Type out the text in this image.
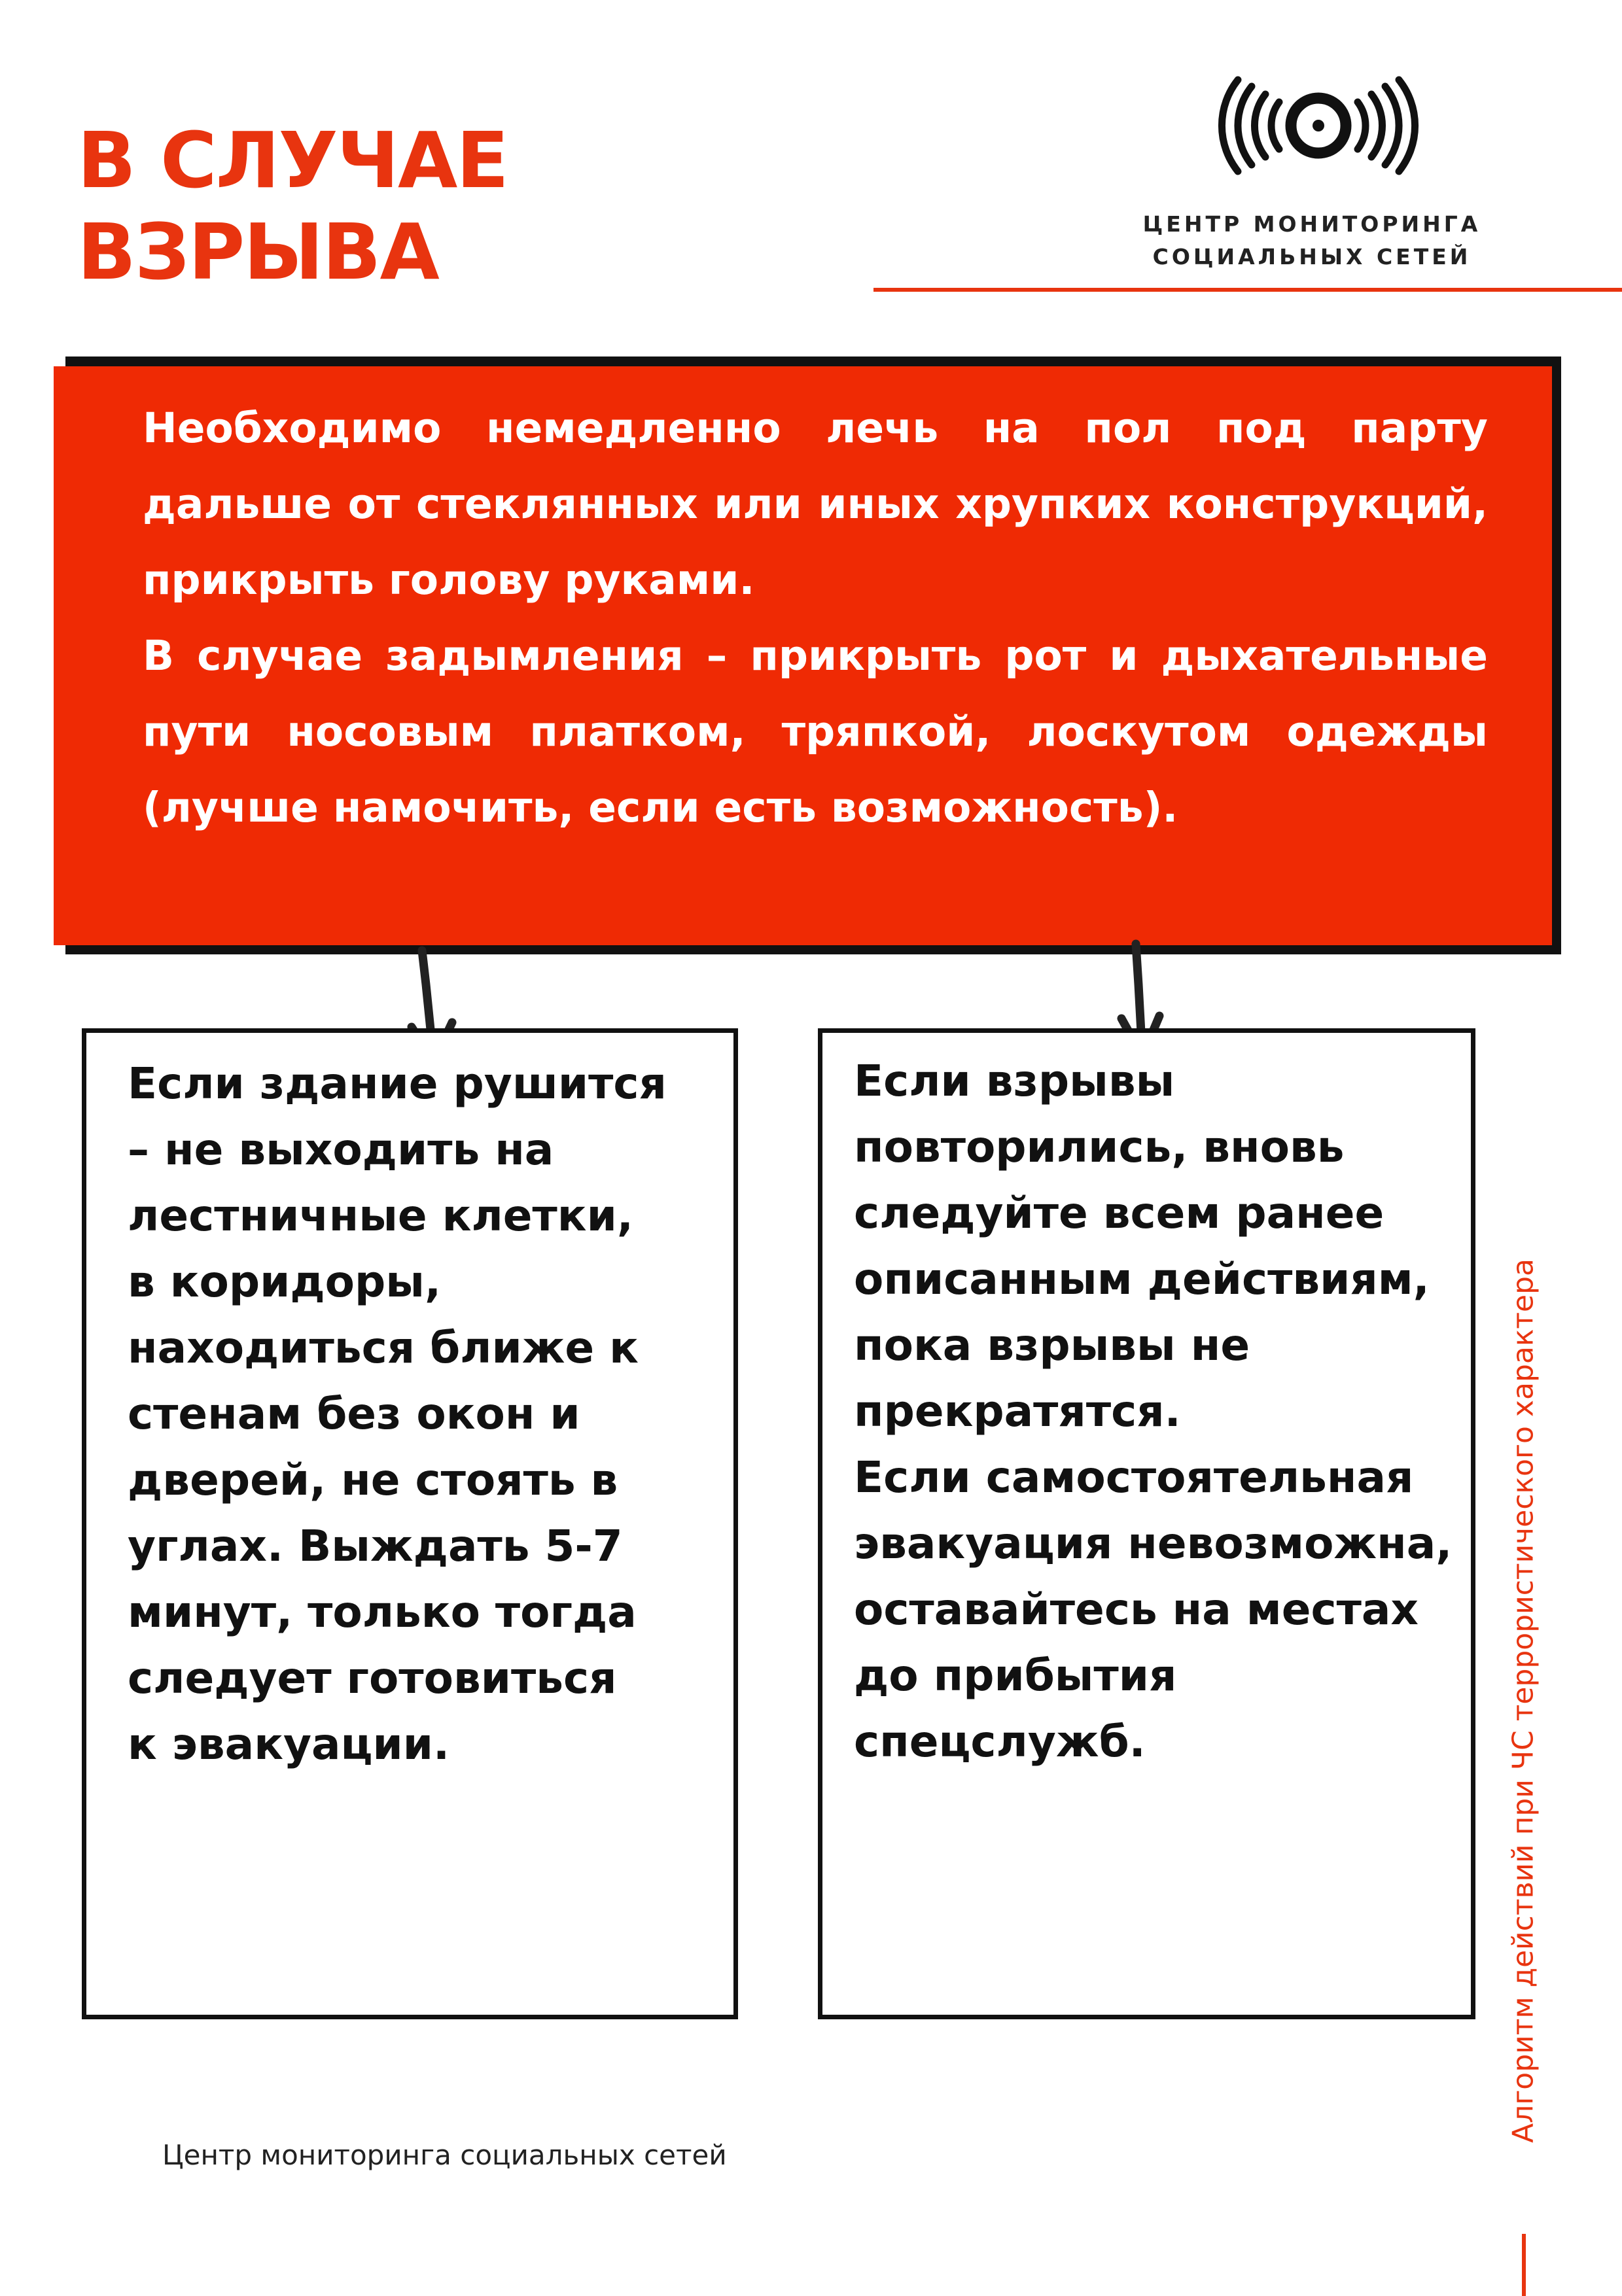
В СЛУЧАЕ
ВЗРЫВА	ЦЕНТР МОНИТОРИНГА
СОЦИАЛЬНЫХ СЕТЕЙ

Необходимо немедленно лечь на пол под парту дальше от стеклянных или иных хрупких конструкций, прикрыть голову руками.

В случае задымления – прикрыть рот и дыхательные пути носовым платком, тряпкой, лоскутом одежды (лучше намочить, если есть возможность).

Если здание рушится
– не выходить на
лестничные клетки,
в коридоры,
находиться ближе к
стенам без окон и
дверей, не стоять в
углах. Выждать 5-7
минут, только тогда
следует готовиться
к эвакуации.

Если взрывы
повторились, вновь
следуйте всем ранее
описанным действиям,
пока взрывы не
прекратятся.
Если самостоятельная
эвакуация невозможна,
оставайтесь на местах
до прибытия
спецслужб.

Центр мониторинга социальных сетей

Алгоритм действий при ЧС террористического характера
